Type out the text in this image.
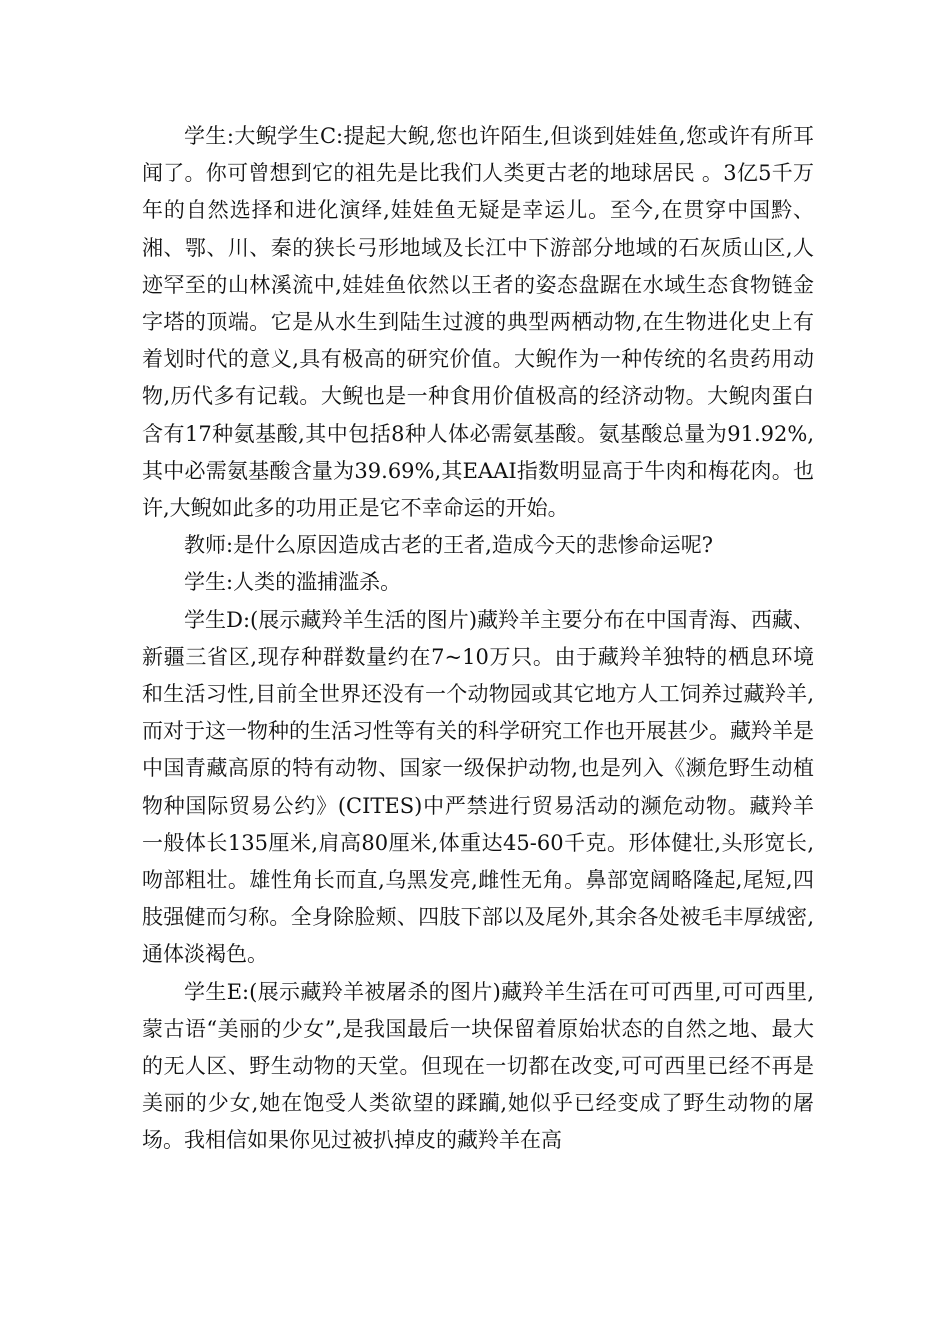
学生:大鲵学生C:提起大鲵,您也许陌生,但谈到娃娃鱼,您或许有所耳闻了。你可曾想到它的祖先是比我们人类更古老的地球居民 。3亿5千万年的自然选择和进化演绎,娃娃鱼无疑是幸运儿。至今,在贯穿中国黔、湘、鄂、川、秦的狭长弓形地域及长江中下游部分地域的石灰质山区,人迹罕至的山林溪流中,娃娃鱼依然以王者的姿态盘踞在水域生态食物链金字塔的顶端。它是从水生到陆生过渡的典型两栖动物,在生物进化史上有着划时代的意义,具有极高的研究价值。大鲵作为一种传统的名贵药用动物,历代多有记载。大鲵也是一种食用价值极高的经济动物。大鲵肉蛋白含有17种氨基酸,其中包括8种人体必需氨基酸。氨基酸总量为91.92%,其中必需氨基酸含量为39.69%,其EAAI指数明显高于牛肉和梅花肉。也许,大鲵如此多的功用正是它不幸命运的开始。

教师:是什么原因造成古老的王者,造成今天的悲惨命运呢?

学生:人类的滥捕滥杀。

学生D:(展示藏羚羊生活的图片)藏羚羊主要分布在中国青海、西藏、新疆三省区,现存种群数量约在7~10万只。由于藏羚羊独特的栖息环境和生活习性,目前全世界还没有一个动物园或其它地方人工饲养过藏羚羊,而对于这一物种的生活习性等有关的科学研究工作也开展甚少。藏羚羊是中国青藏高原的特有动物、国家一级保护动物,也是列入《濒危野生动植物种国际贸易公约》(CITES)中严禁进行贸易活动的濒危动物。藏羚羊一般体长135厘米,肩高80厘米,体重达45-60千克。形体健壮,头形宽长,吻部粗壮。雄性角长而直,乌黑发亮,雌性无角。鼻部宽阔略隆起,尾短,四肢强健而匀称。全身除脸颊、四肢下部以及尾外,其余各处被毛丰厚绒密,通体淡褐色。

学生E:(展示藏羚羊被屠杀的图片)藏羚羊生活在可可西里,可可西里,蒙古语“美丽的少女”,是我国最后一块保留着原始状态的自然之地、最大的无人区、野生动物的天堂。但现在一切都在改变,可可西里已经不再是美丽的少女,她在饱受人类欲望的蹂躏,她似乎已经变成了野生动物的屠场。我相信如果你见过被扒掉皮的藏羚羊在高
